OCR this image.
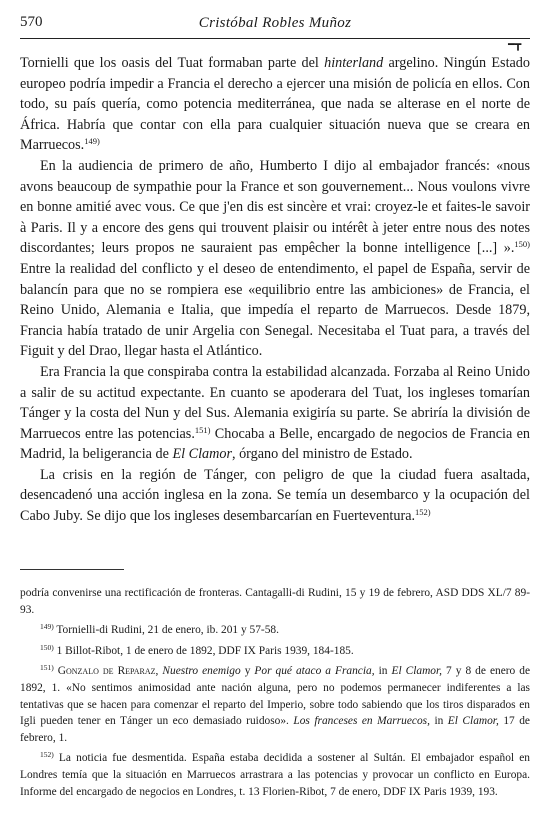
570	Cristóbal Robles Muñoz
━┳

Tornielli que los oasis del Tuat formaban parte del hinterland argelino. Ningún Estado europeo podría impedir a Francia el derecho a ejercer una misión de policía en ellos. Con todo, su país quería, como potencia mediterránea, que nada se alterase en el norte de África. Habría que contar con ella para cualquier situación nueva que se creara en Marruecos.$^{149)}$

En la audiencia de primero de año, Humberto I dijo al embajador francés: «nous avons beaucoup de sympathie pour la France et son gouvernement... Nous voulons vivre en bonne amitié avec vous. Ce que j'en dis est sincère et vrai: croyez-le et faites-le savoir à Paris. Il y a encore des gens qui trouvent plaisir ou intérêt à jeter entre nous des notes discordantes; leurs propos ne sauraient pas empêcher la bonne intelligence [...] ».$^{150)}$ Entre la realidad del conflicto y el deseo de entendimento, el papel de España, servir de balancín para que no se rompiera ese «equilibrio entre las ambiciones» de Francia, el Reino Unido, Alemania e Italia, que impedía el reparto de Marruecos. Desde 1879, Francia había tratado de unir Argelia con Senegal. Necesitaba el Tuat para, a través del Figuit y del Drao, llegar hasta el Atlántico.

Era Francia la que conspiraba contra la estabilidad alcanzada. Forzaba al Reino Unido a salir de su actitud expectante. En cuanto se apoderara del Tuat, los ingleses tomarían Tánger y la costa del Nun y del Sus. Alemania exigiría su parte. Se abriría la división de Marruecos entre las potencias.$^{151)}$ Chocaba a Belle, encargado de negocios de Francia en Madrid, la beligerancia de El Clamor, órgano del ministro de Estado.

La crisis en la región de Tánger, con peligro de que la ciudad fuera asaltada, desencadenó una acción inglesa en la zona. Se temía un desembarco y la ocupación del Cabo Juby. Se dijo que los ingleses desembarcarían en Fuerteventura.$^{152)}$

podría convenirse una rectificación de fronteras. Cantagalli-di Rudini, 15 y 19 de febrero, ASD DDS XL/7 89-93.

$^{149)}$ Tornielli-di Rudini, 21 de enero, ib. 201 y 57-58.

$^{150)}$ 1 Billot-Ribot, 1 de enero de 1892, DDF IX Paris 1939, 184-185.

$^{151)}$ Gonzalo de Reparaz, Nuestro enemigo y Por qué ataco a Francia, in El Clamor, 7 y 8 de enero de 1892, 1. «No sentimos animosidad ante nación alguna, pero no podemos permanecer indiferentes a las tentativas que se hacen para comenzar el reparto del Imperio, sobre todo sabiendo que los tiros disparados en Igli pueden tener en Tánger un eco demasiado ruidoso». Los franceses en Marruecos, in El Clamor, 17 de febrero, 1.

$^{152)}$ La noticia fue desmentida. España estaba decidida a sostener al Sultán. El embajador español en Londres temía que la situación en Marruecos arrastrara a las potencias y provocar un conflicto en Europa. Informe del encargado de negocios en Londres, t. 13 Florien-Ribot, 7 de enero, DDF IX Paris 1939, 193.
